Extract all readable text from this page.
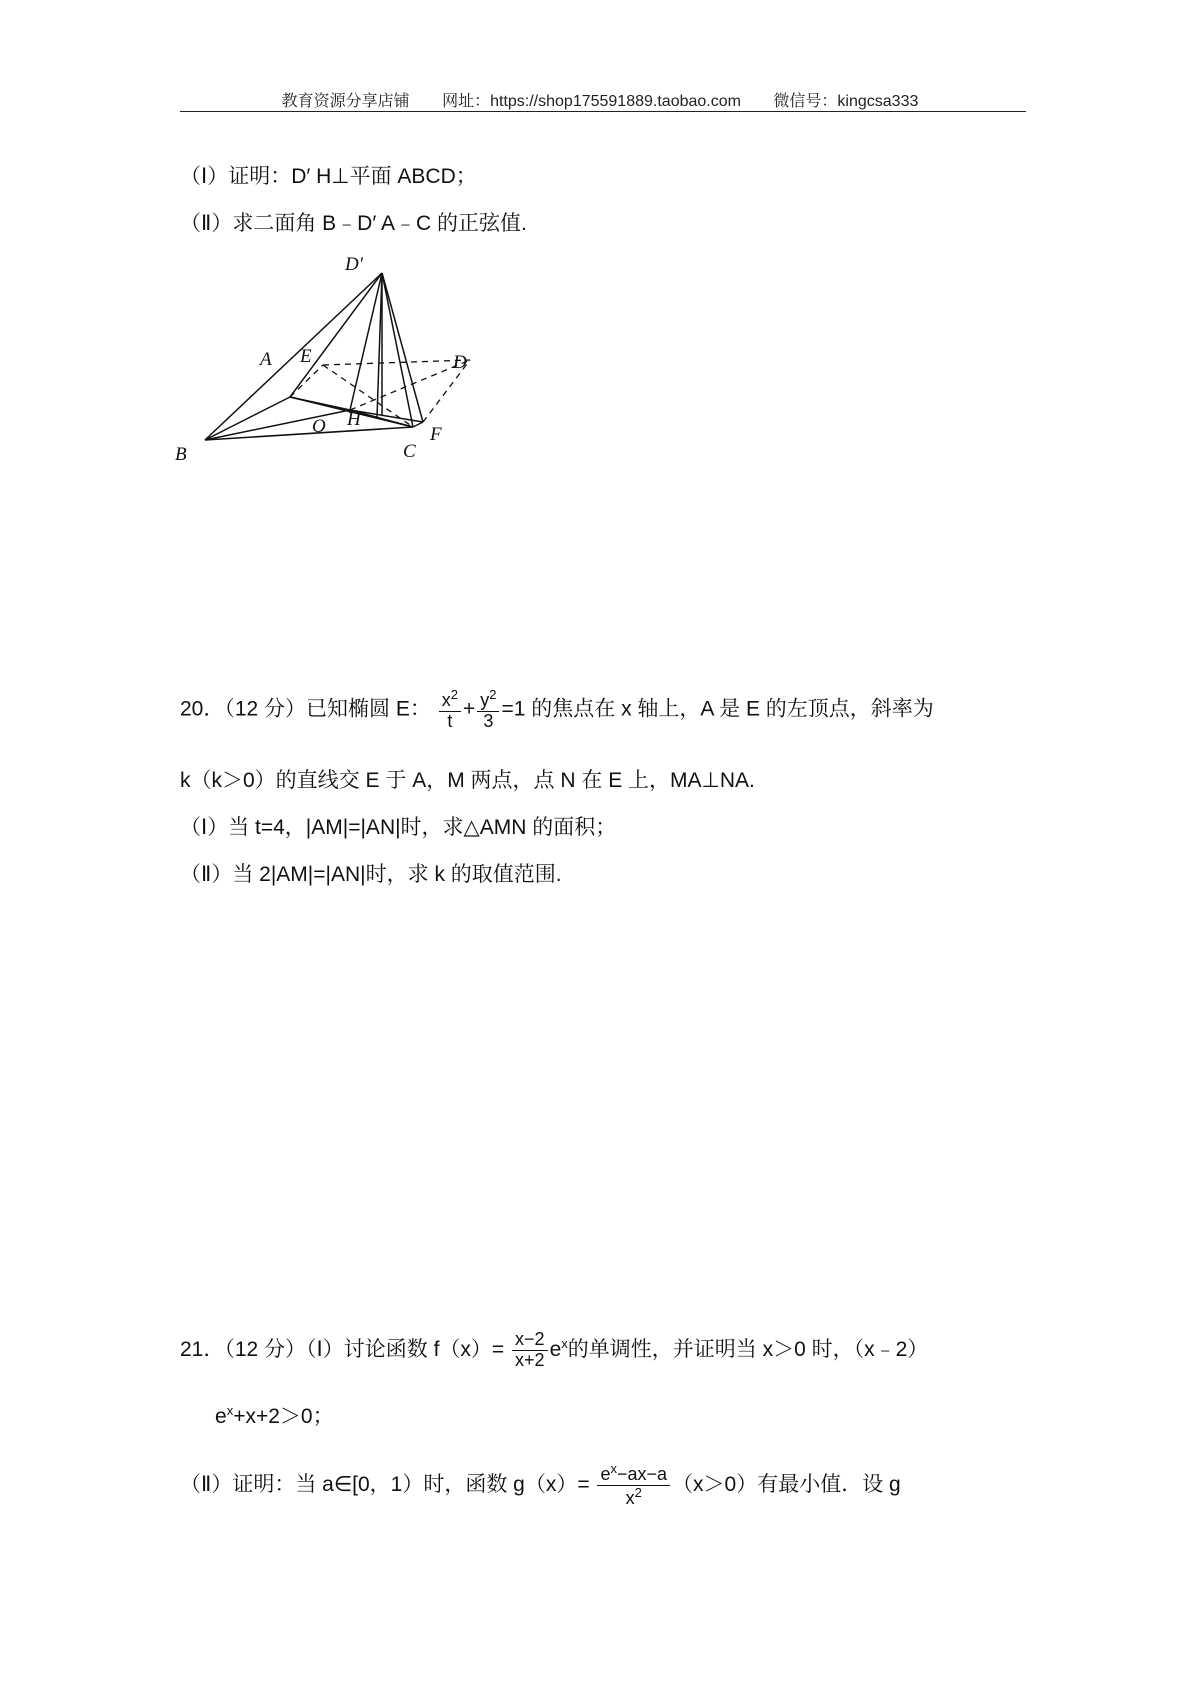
教育资源分享店铺 网址：https://shop175591889.taobao.com 微信号：kingcsa333
（Ⅰ）证明：D′ H⊥平面 ABCD；
（Ⅱ）求二面角 B﹣D′ A﹣C 的正弦值.
D′
A E	D
O H
B	C
F
20．（12 分）已知椭圆 E： $\frac{x^2}{t} + \frac{y^2}{3} =1$ 的焦点在 x 轴上，A 是 E 的左顶点，斜率为
k（k＞0）的直线交 E 于 A，M 两点，点 N 在 E 上，MA⊥NA.
（Ⅰ）当 t=4，|AM|=|AN|时，求△AMN 的面积；
（Ⅱ）当 2|AM|=|AN|时，求 k 的取值范围.
21．（12 分）（Ⅰ）讨论函数 $f(x)= \frac{x-2}{x+2} e^x$的单调性，并证明当 x＞0 时，（x﹣2）
$e^x+x+2>0$；
（Ⅱ）证明：当 a∈[0，1）时，函数 $g(x)= \frac{e^x-ax-a}{x^2} (x>0)$有最小值．设 g
